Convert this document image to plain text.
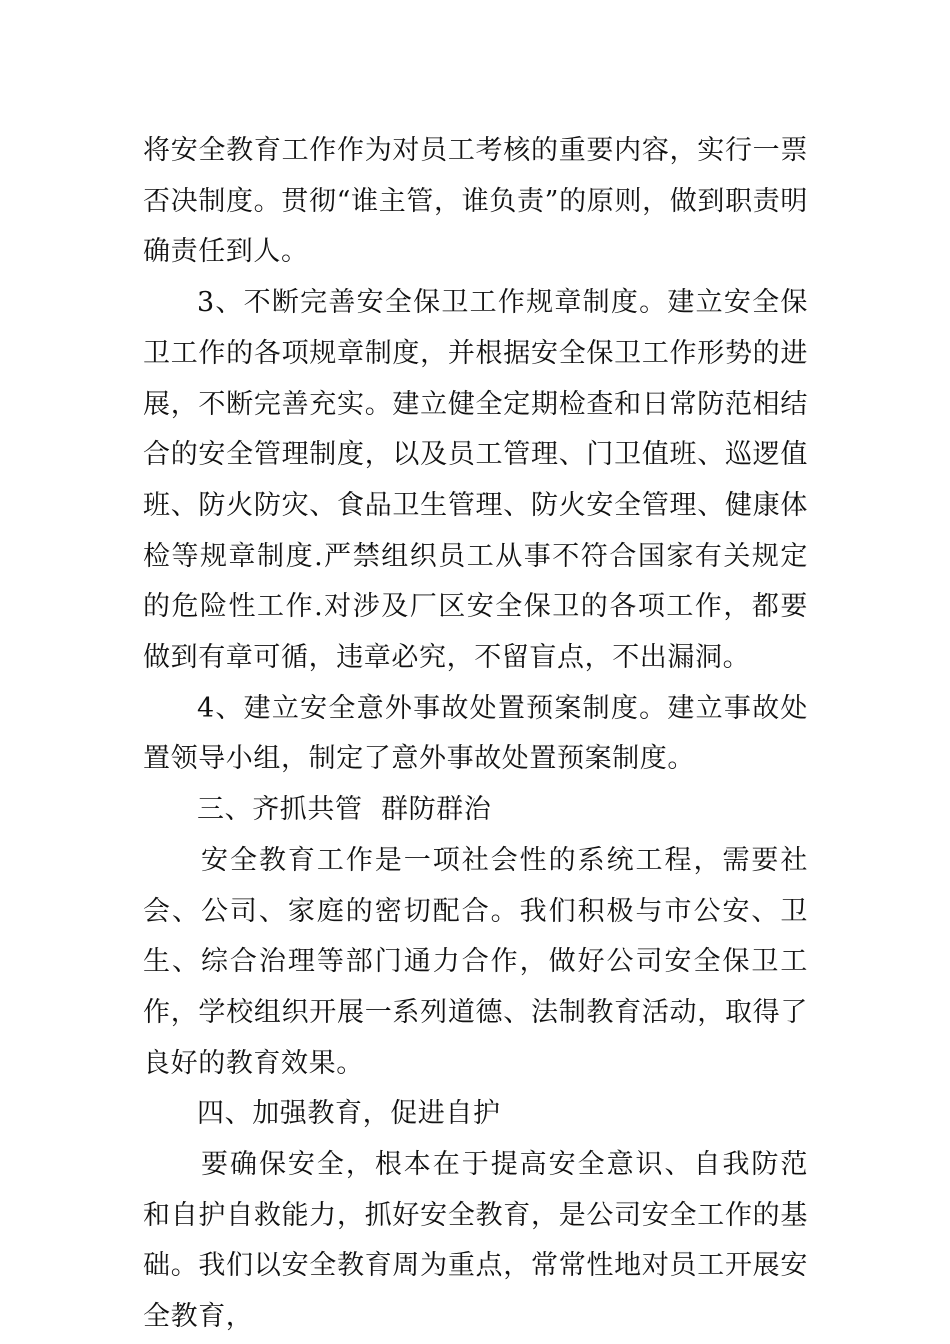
将安全教育工作作为对员工考核的重要内容，实行一票否决制度。贯彻“谁主管，谁负责”的原则，做到职责明确责任到人。

3、不断完善安全保卫工作规章制度。建立安全保卫工作的各项规章制度，并根据安全保卫工作形势的进展，不断完善充实。建立健全定期检查和日常防范相结合的安全管理制度，以及员工管理、门卫值班、巡逻值班、防火防灾、食品卫生管理、防火安全管理、健康体检等规章制度.严禁组织员工从事不符合国家有关规定的危险性工作.对涉及厂区安全保卫的各项工作，都要做到有章可循，违章必究，不留盲点，不出漏洞。

4、建立安全意外事故处置预案制度。建立事故处置领导小组，制定了意外事故处置预案制度。

三、齐抓共管  群防群治

安全教育工作是一项社会性的系统工程，需要社会、公司、家庭的密切配合。我们积极与市公安、卫生、综合治理等部门通力合作，做好公司安全保卫工作，学校组织开展一系列道德、法制教育活动，取得了良好的教育效果。

四、加强教育，促进自护

要确保安全，根本在于提高安全意识、自我防范和自护自救能力，抓好安全教育，是公司安全工作的基础。我们以安全教育周为重点，常常性地对员工开展安全教育，
